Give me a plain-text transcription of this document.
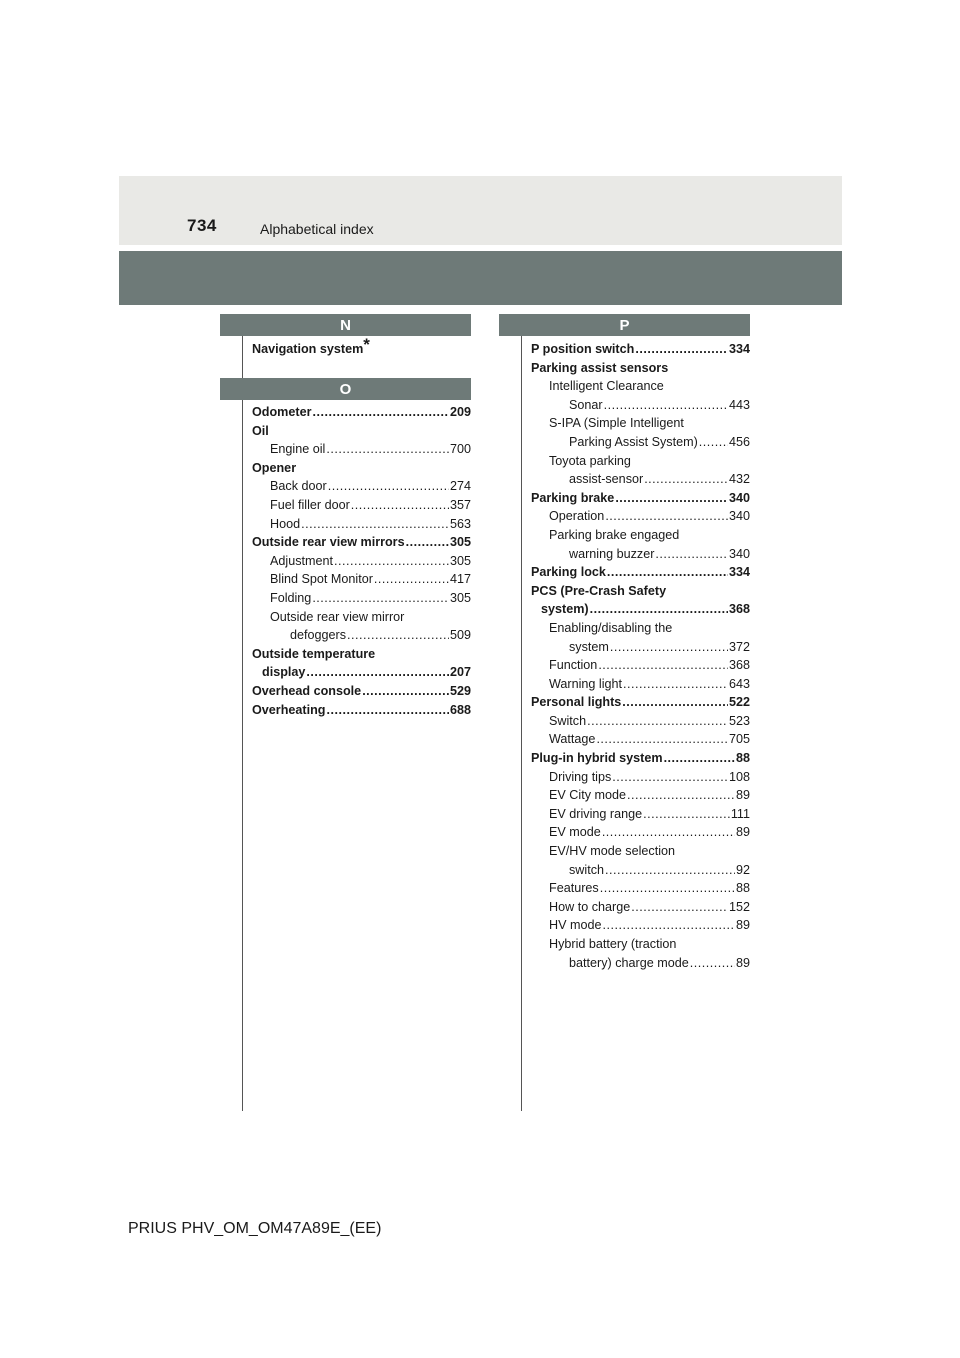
734	Alphabetical index
N
O
P
Navigation system*
Odometer .....	209
Oil
Engine oil .....	700
Opener
Back door .....	274
Fuel filler door .....	357
Hood .....	563
Outside rear view mirrors .....	305
Adjustment .....	305
Blind Spot Monitor .....	417
Folding .....	305
Outside rear view mirror
defoggers .....	509
Outside temperature
display .....	207
Overhead console .....	529
Overheating .....	688
P position switch .....	334
Parking assist sensors
Intelligent Clearance
Sonar .....	443
S-IPA (Simple Intelligent
Parking Assist System) ..... 456
Toyota parking
assist-sensor .....	432
Parking brake .....	340
Operation .....	340
Parking brake engaged
warning buzzer .....	340
Parking lock .....	334
PCS (Pre-Crash Safety
system) .....	368
Enabling/disabling the
system .....	372
Function .....	368
Warning light .....	643
Personal lights .....	522
Switch .....	523
Wattage .....	705
Plug-in hybrid system .....	88
Driving tips .....	108
EV City mode .....	89
EV driving range .....	111
EV mode .....	89
EV/HV mode selection
switch .....	92
Features .....	88
How to charge .....	152
HV mode .....	89
Hybrid battery (traction
battery) charge mode .....	89
PRIUS PHV_OM_OM47A89E_(EE)
